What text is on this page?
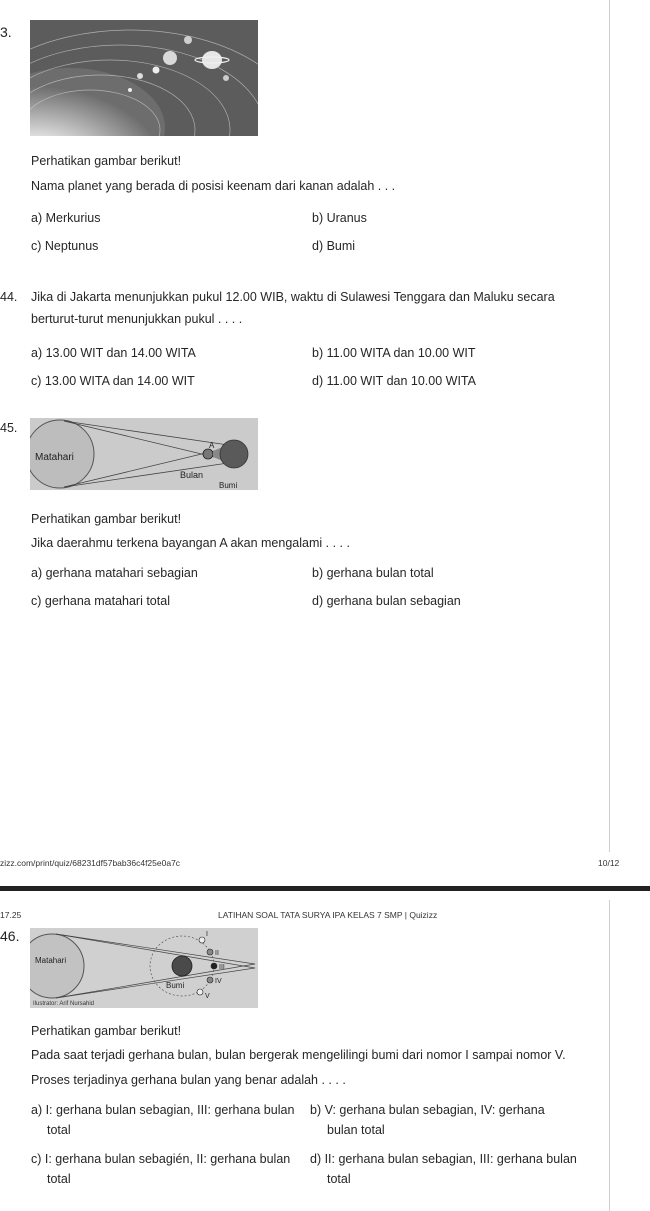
3.
Perhatikan gambar berikut!
Nama planet yang berada di posisi keenam dari kanan adalah . . .
a) Merkurius	b) Uranus
c) Neptunus	d) Bumi
44. Jika di Jakarta menunjukkan pukul 12.00 WIB, waktu di Sulawesi Tenggara dan Maluku secara
berturut-turut menunjukkan pukul . . . .
a) 13.00 WIT dan 14.00 WITA	b) 11.00 WITA dan 10.00 WIT
c) 13.00 WITA dan 14.00 WIT	d) 11.00 WIT dan 10.00 WITA
45.
Matahari
Bulan
Bumi
A
Perhatikan gambar berikut!
Jika daerahmu terkena bayangan A akan mengalami . . . .
a) gerhana matahari sebagian	b) gerhana bulan total
c) gerhana matahari total	d) gerhana bulan sebagian
zizz.com/print/quiz/68231df57bab36c4f25e0a7c	10/12
17.25	LATIHAN SOAL TATA SURYA IPA KELAS 7 SMP | Quizizz
46.
Matahari
Bumi
I
II
III
IV
V
Ilustrator: Arif Nursahid
Perhatikan gambar berikut!
Pada saat terjadi gerhana bulan, bulan bergerak mengelilingi bumi dari nomor I sampai nomor V.
Proses terjadinya gerhana bulan yang benar adalah . . . .
a) I: gerhana bulan sebagian, III: gerhana bulan
total
b) V: gerhana bulan sebagian, IV: gerhana
bulan total
c) I: gerhana bulan sebagién, II: gerhana bulan
total
d) II: gerhana bulan sebagian, III: gerhana bulan
total
